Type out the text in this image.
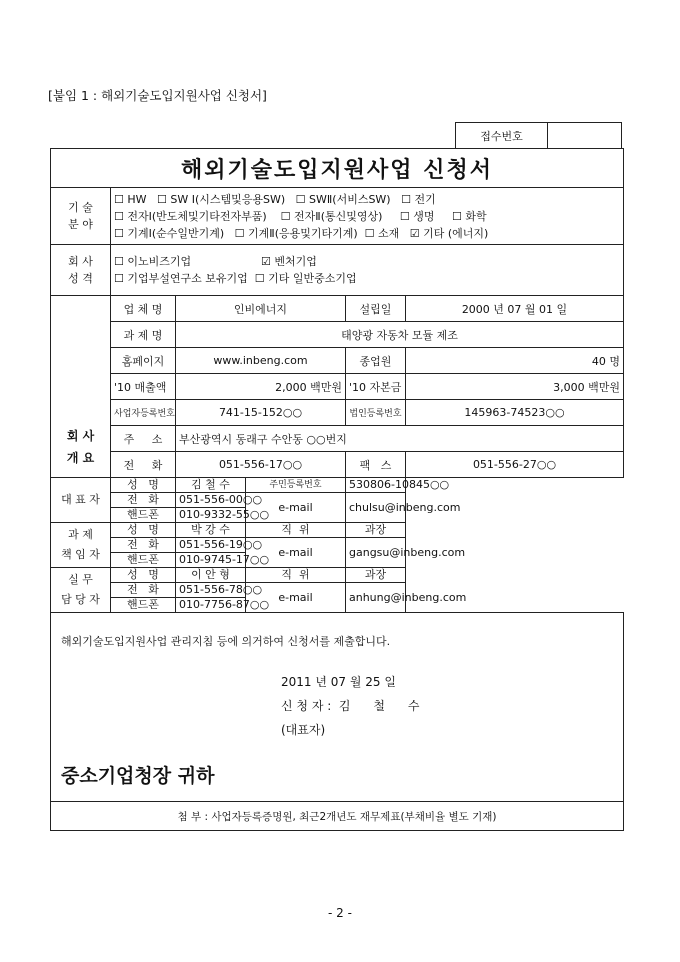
[붙임 1 : 해외기술도입지원사업 신청서]
접수번호
해외기술도입지원사업 신청서					
기 술
분 야	☐ HW   ☐ SW Ⅰ(시스템및응용SW)   ☐ SWⅡ(서비스SW)   ☐ 전기
☐ 전자Ⅰ(반도체및기타전자부품)    ☐ 전자Ⅱ(통신및영상)     ☐ 생명     ☐ 화학
☐ 기계Ⅰ(순수일반기계)   ☐ 기계Ⅱ(응용및기타기계)  ☐ 소재   ☑ 기타 (에너지)				
회 사
성 격	☐ 이노비즈기업                    ☑ 벤처기업
☐ 기업부설연구소 보유기업  ☐ 기타 일반중소기업				
회 사
개 요	업 체 명	인비에너지		설립일	2000 년 07 월 01 일
	과 제 명	태양광 자동차 모듈 제조			
	홈페이지	www.inbeng.com		종업원	40 명
	'10 매출액	2,000 백만원		'10 자본금	3,000 백만원
	사업자등록번호	741-15-152○○		법인등록번호	145963-74523○○
	주     소	부산광역시 동래구 수안동 ○○번지			
	전     화	051-556-17○○		팩   스	051-556-27○○
대 표 자	성   명	김 철 수	주민등록번호	530806-10845○○	
	전   화	051-556-00○○	e-mail	chulsu@inbeng.com	
	핸드폰	010-9332-55○○			
과 제
책 임 자	성   명	박 강 수	직  위	과장	
	전   화	051-556-19○○	e-mail	gangsu@inbeng.com	
	핸드폰	010-9745-17○○			
실 무
담 당 자	성   명	이 안 형	직  위	과장	
	전   화	051-556-78○○	e-mail	anhung@inbeng.com	
	핸드폰	010-7756-87○○			

해외기술도입지원사업 관리지침 등에 의거하여 신청서를 제출합니다.
2011 년 07 월 25 일
신 청 자 :  김      철      수
(대표자)
중소기업청장 귀하					

첨 부 : 사업자등록증명원, 최근2개년도 재무제표(부채비율 별도 기재)					
- 2 -
